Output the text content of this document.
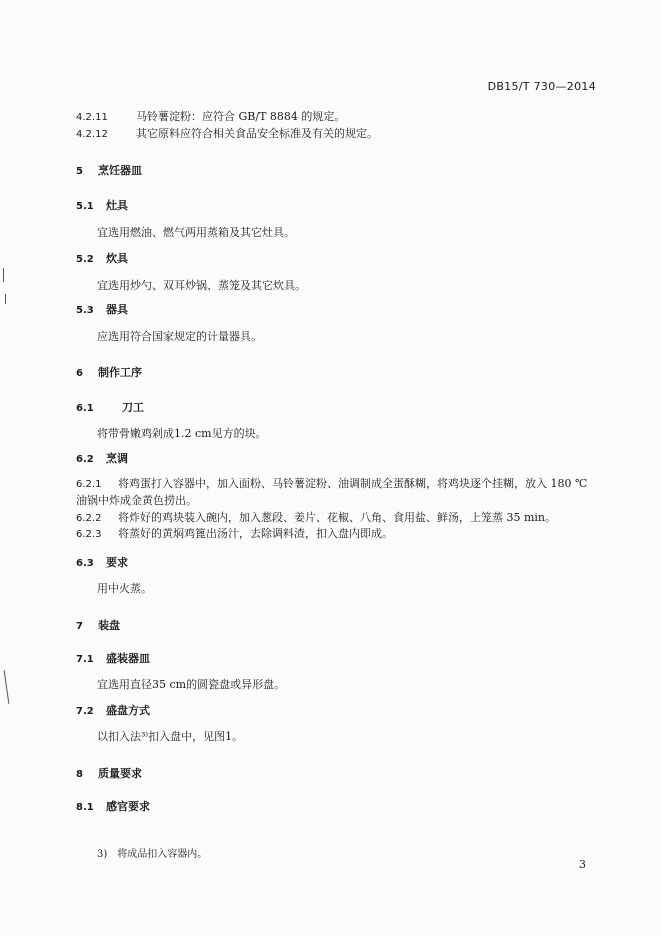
DB15/T 730—2014
4.2.11	马铃薯淀粉：应符合 GB/T 8884 的规定。
4.2.12	其它原料应符合相关食品安全标准及有关的规定。
5 烹饪器皿
5.1 灶具
宜选用燃油、燃气两用蒸箱及其它灶具。
5.2 炊具
宜选用炒勺、双耳炒锅、蒸笼及其它炊具。
5.3 器具
应选用符合国家规定的计量器具。
6 制作工序
6.1	刀工
将带骨嫩鸡剁成1.2 cm见方的块。
6.2 烹调
6.2.1 将鸡蛋打入容器中，加入面粉、马铃薯淀粉、油调制成全蛋酥糊，将鸡块逐个挂糊，放入 180 ℃
油锅中炸成金黄色捞出。
6.2.2 将炸好的鸡块装入碗内，加入葱段、姜片、花椒、八角、食用盐、鲜汤，上笼蒸 35 min。
6.2.3 将蒸好的黄焖鸡篦出汤汁，去除调料渣，扣入盘内即成。
6.3 要求
用中火蒸。
7 装盘
7.1 盛装器皿
宜选用直径35 cm的圆瓷盘或异形盘。
7.2 盛盘方式
以扣入法³⁾扣入盘中，见图1。
8 质量要求
8.1 感官要求
3)　将成品扣入容器内。
3
